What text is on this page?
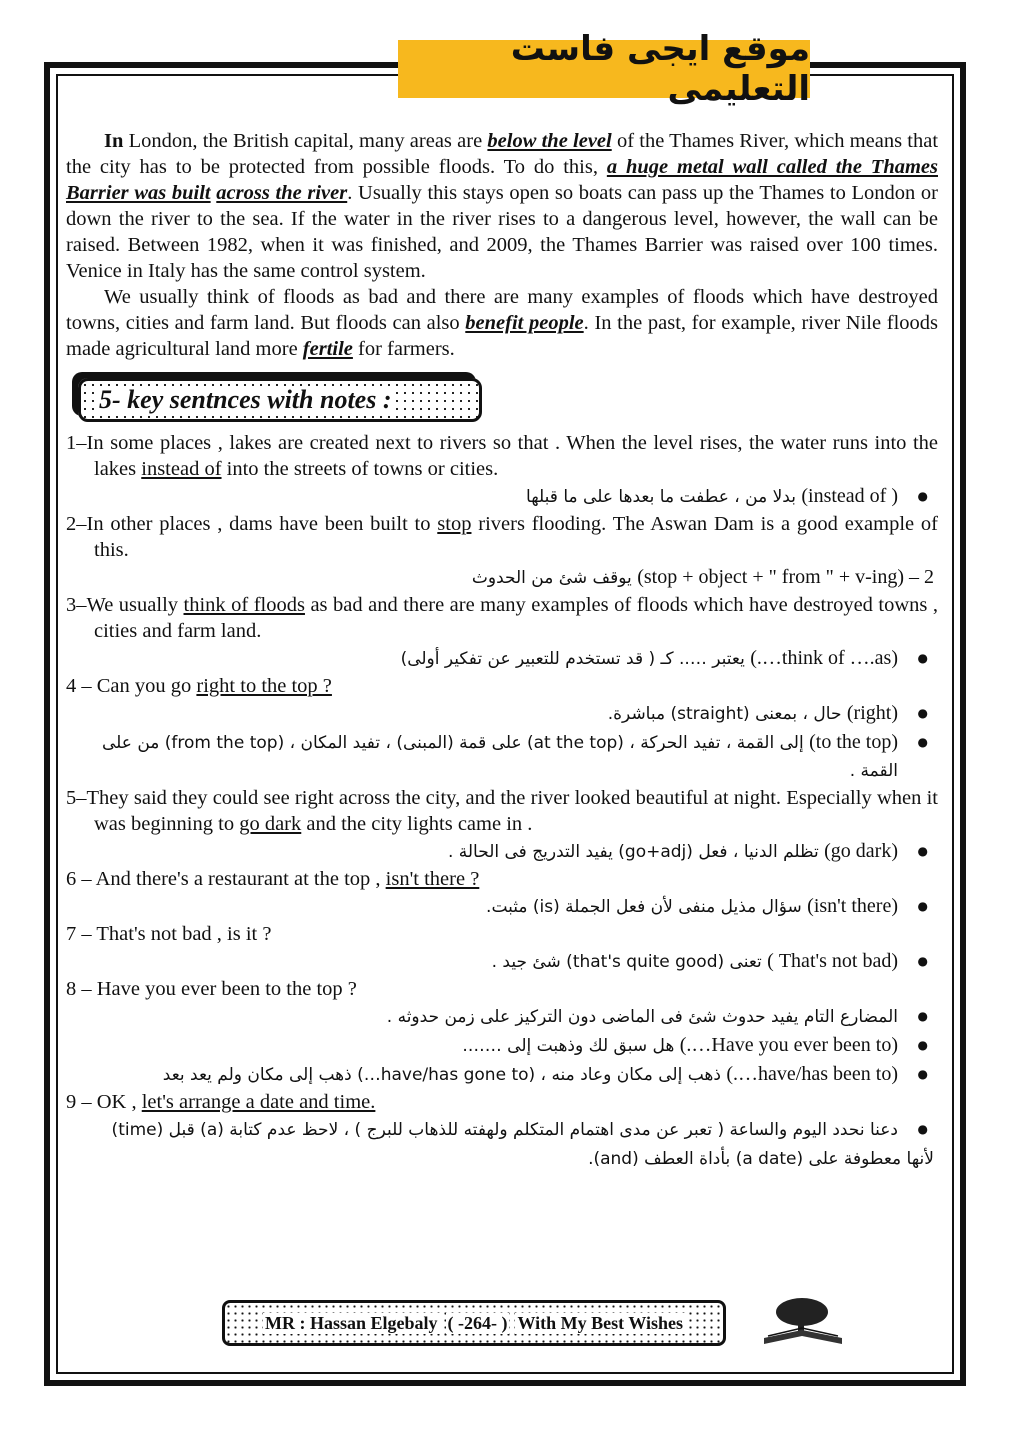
موقع ايجى فاست التعليمى

In London, the British capital, many areas are below the level of the Thames River, which means that the city has to be protected from possible floods. To do this, a huge metal wall called the Thames Barrier was built across the river. Usually this stays open so boats can pass up the Thames to London or down the river to the sea. If the water in the river rises to a dangerous level, however, the wall can be raised. Between 1982, when it was finished, and 2009, the Thames Barrier was raised over 100 times. Venice in Italy has the same control system.

We usually think of floods as bad and there are many examples of floods which have destroyed towns, cities and farm land. But floods can also benefit people. In the past, for example, river Nile floods made agricultural land more fertile for farmers.

5- key sentnces with notes :

1–In some places , lakes are created next to rivers so that . When the level rises, the water runs into the lakes instead of into the streets of towns or cities.

● ( instead of) بدلا من ، عطفت ما بعدها على ما قبلها

2–In other places , dams have been built to stop rivers flooding. The Aswan Dam is a good example of this.

2 – (stop + object + " from " + v-ing) يوقف شئ من الحدوث

3–We usually think of floods as bad and there are many examples of floods which have destroyed towns , cities and farm land.

● (think of ….as….) يعتبر ….. كـ ( قد تستخدم للتعبير عن تفكير أولى)

4 – Can you go right to the top ?

● (right) حال ، بمعنى (straight) مباشرة.

● (to the top) إلى القمة ، تفيد الحركة ، (at the top) على قمة (المبنى) ، تفيد المكان ، (from the top) من على القمة .

5–They said they could see right across the city, and the river looked beautiful at night. Especially when it was beginning to go dark and the city lights came in .

● (go dark) تظلم الدنيا ، فعل (go+adj) يفيد التدريج فى الحالة .

6 – And there's a restaurant at the top , isn't there ?

● (isn't there) سؤال مذيل منفى لأن فعل الجملة (is) مثبت.

7 – That's not bad , is it ?

● (That's not bad ) تعنى (that's quite good) شئ جيد .

8 – Have you ever been to the top ?

● المضارع التام يفيد حدوث شئ فى الماضى دون التركيز على زمن حدوثه .

● (Have you ever been to….) هل سبق لك وذهبت إلى …….

● (have/has been to….) ذهب إلى مكان وعاد منه ، (have/has gone to…) ذهب إلى مكان ولم يعد بعد

9 – OK , let's arrange a date and time.

● دعنا نحدد اليوم والساعة ( تعبر عن مدى اهتمام المتكلم ولهفته للذهاب للبرج ) ، لاحظ عدم كتابة (a) قبل (time)

لأنها معطوفة على (a date) بأداة العطف (and).

MR : Hassan Elgebaly ( -264- ) With My Best Wishes
